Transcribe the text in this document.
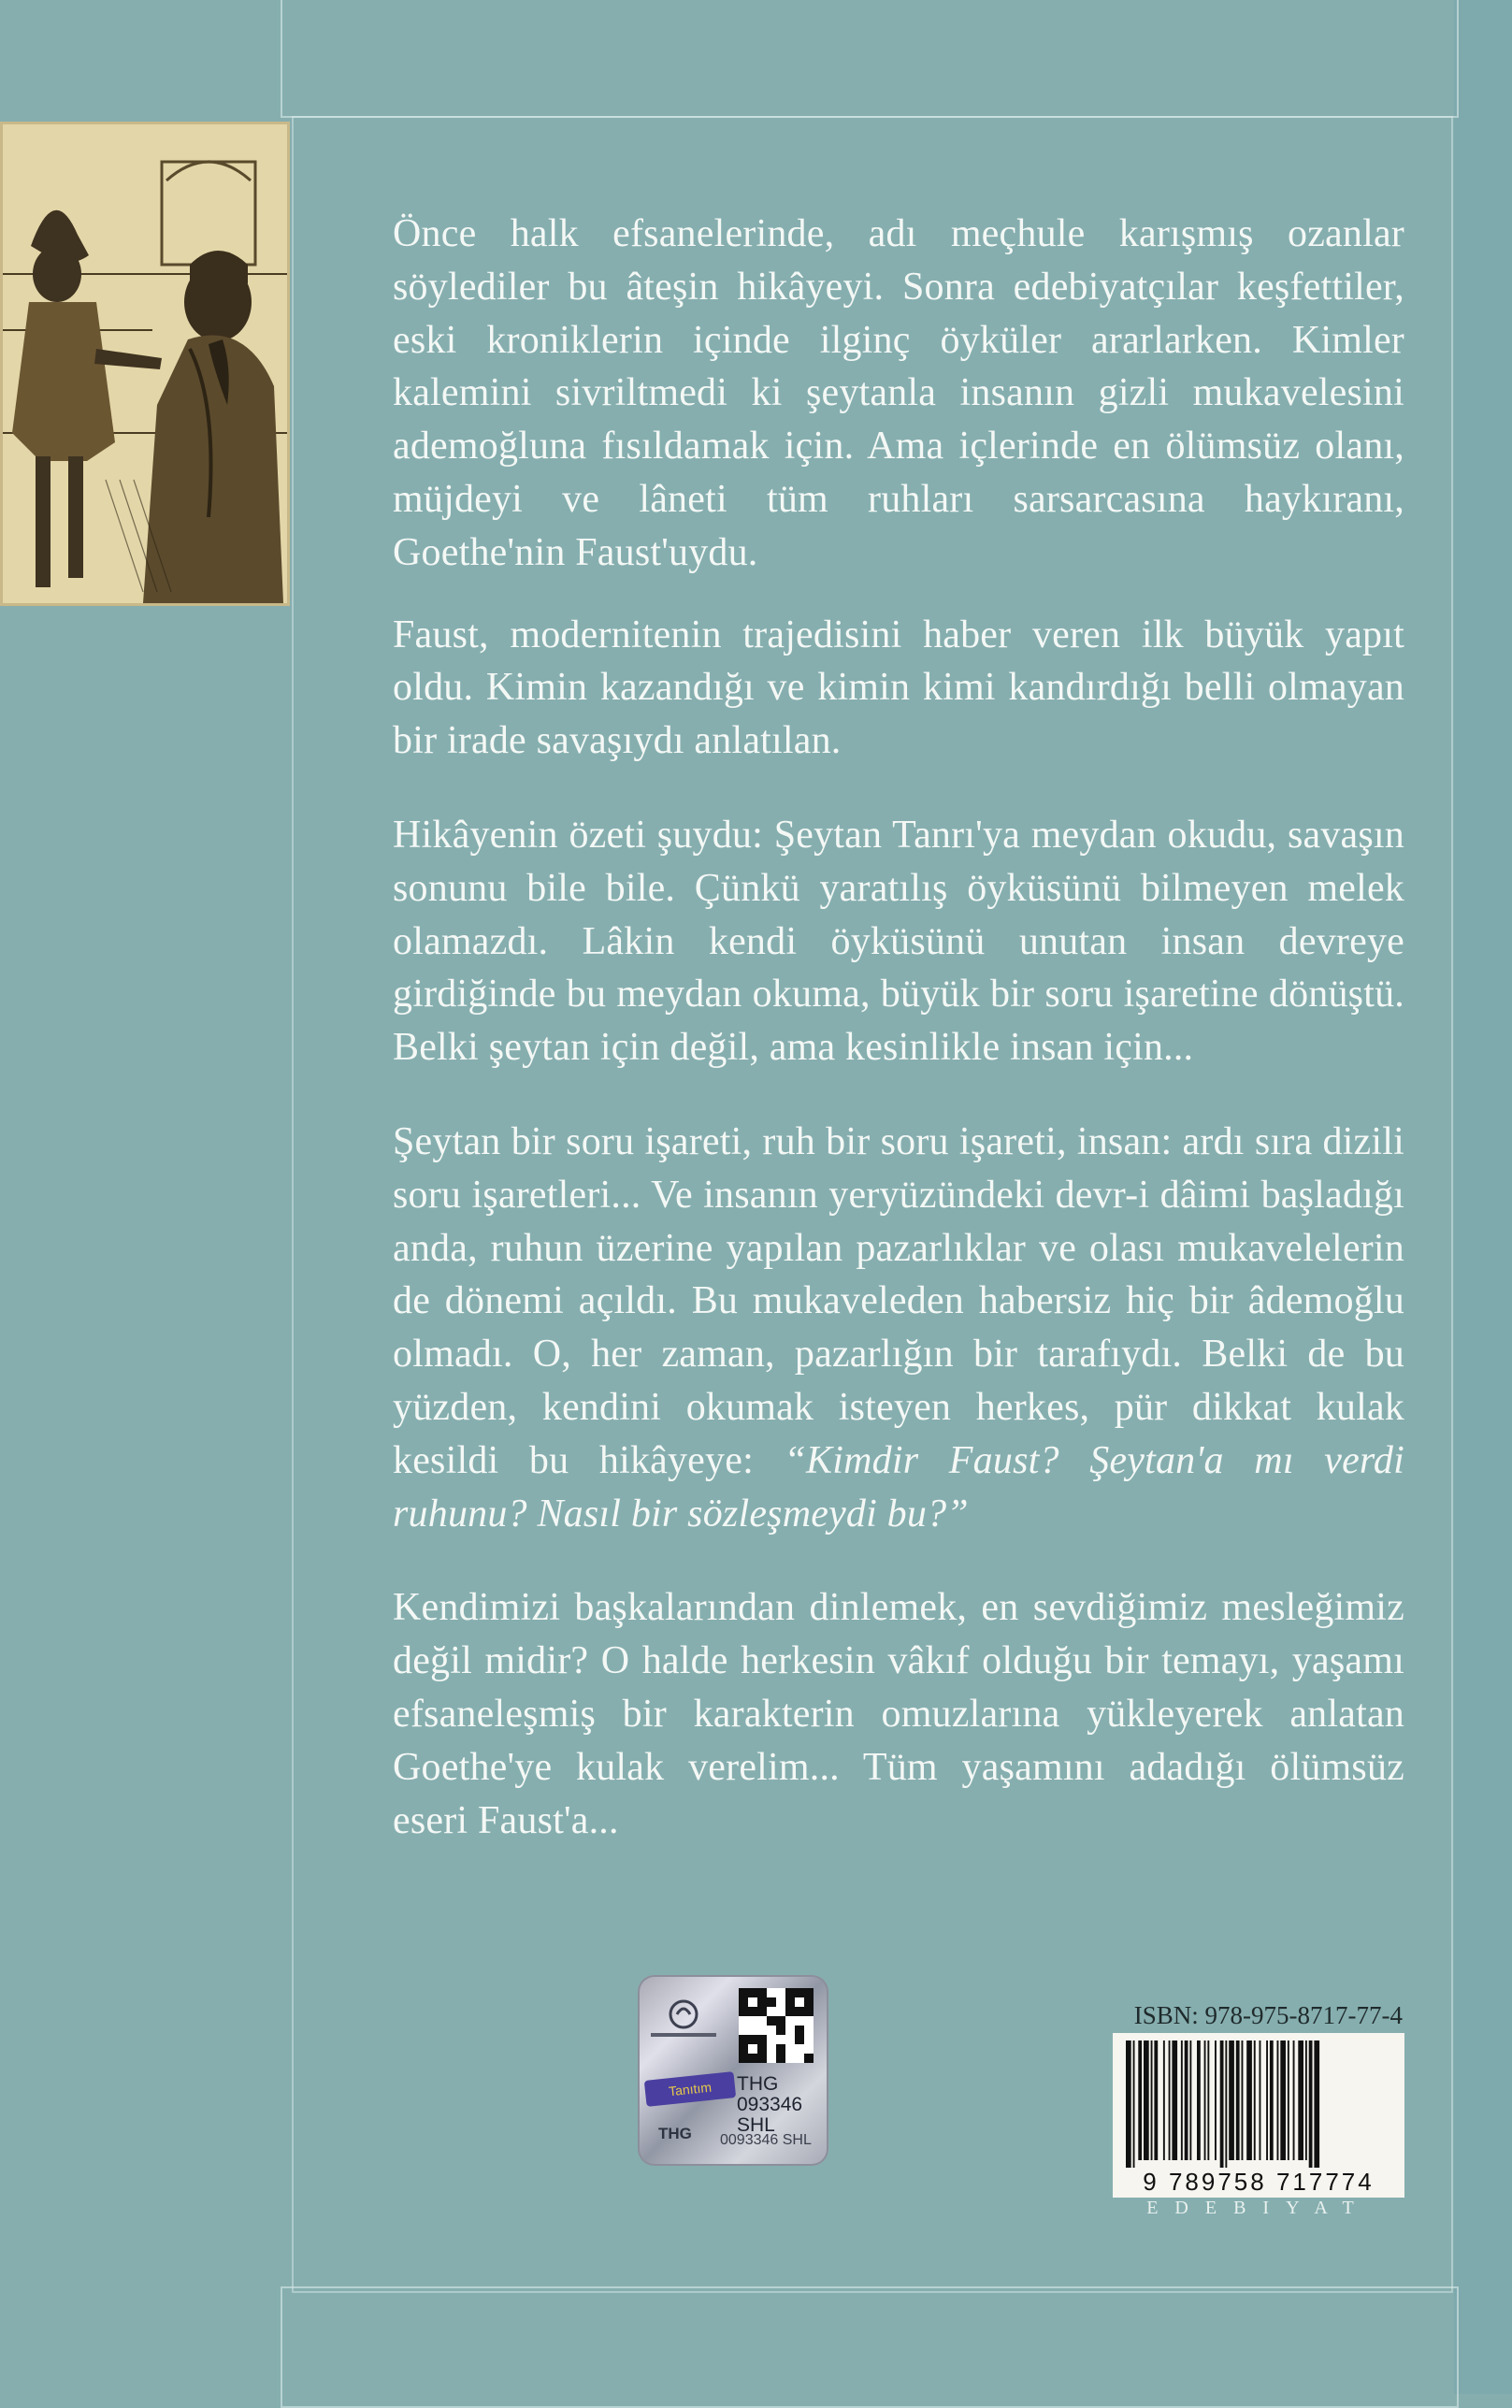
Önce halk efsanelerinde, adı meçhule karışmış ozanlar söylediler bu âteşin hikâyeyi. Sonra edebiyatçılar keşfettiler, eski kroniklerin içinde ilginç öyküler ararlarken. Kimler kalemini sivriltmedi ki şeytanla insanın gizli mukavelesini ademoğluna fısıldamak için. Ama içlerinde en ölümsüz olanı, müjdeyi ve lâneti tüm ruhları sarsarcasına haykıranı, Goethe'nin Faust'uydu.

Faust, modernitenin trajedisini haber veren ilk büyük yapıt oldu. Kimin kazandığı ve kimin kimi kandırdığı belli olmayan bir irade savaşıydı anlatılan.

Hikâyenin özeti şuydu: Şeytan Tanrı'ya meydan okudu, savaşın sonunu bile bile. Çünkü yaratılış öyküsünü bilmeyen melek olamazdı. Lâkin kendi öyküsünü unutan insan devreye girdiğinde bu meydan okuma, büyük bir soru işaretine dönüştü. Belki şeytan için değil, ama kesinlikle insan için...

Şeytan bir soru işareti, ruh bir soru işareti, insan: ardı sıra dizili soru işaretleri... Ve insanın yeryüzündeki devr-i dâimi başladığı anda, ruhun üzerine yapılan pazarlıklar ve olası mukavelelerin de dönemi açıldı. Bu mukaveleden habersiz hiç bir âdemoğlu olmadı. O, her zaman, pazarlığın bir tarafıydı. Belki de bu yüzden, kendini okumak isteyen herkes, pür dikkat kulak kesildi bu hikâyeye: “Kimdir Faust? Şeytan'a mı verdi ruhunu? Nasıl bir sözleşmeydi bu?”

Kendimizi başkalarından dinlemek, en sevdiğimiz mesleğimiz değil midir? O halde herkesin vâkıf olduğu bir temayı, yaşamı efsaneleşmiş bir karakterin omuzlarına yükleyerek anlatan Goethe'ye kulak verelim... Tüm yaşamını adadığı ölümsüz eseri Faust'a...

Tanıtım	THG
093346
SHL
THG 0093346 SHL
ISBN: 978-975-8717-77-4
9 789758 717774
EDEBIYAT
